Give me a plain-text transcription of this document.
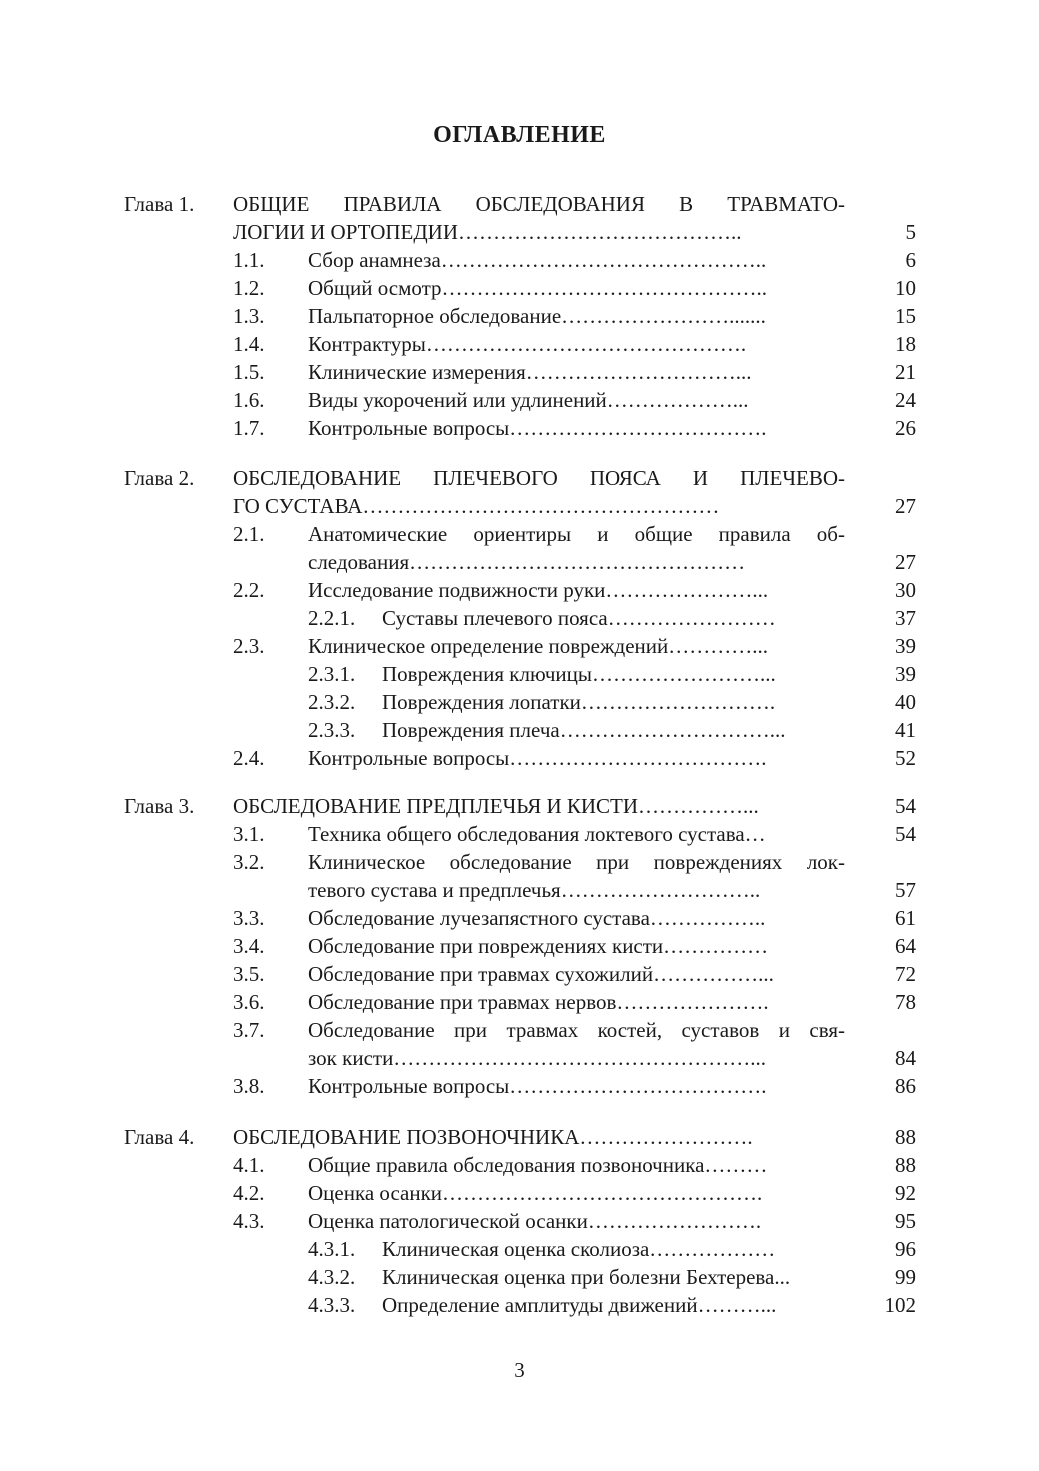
ОГЛАВЛЕНИЕ
Глава 1. ОБЩИЕ ПРАВИЛА ОБСЛЕДОВАНИЯ В ТРАВМАТО-
ЛОГИИ И ОРТОПЕДИИ…………………………………..	5
1.1. Сбор анамнеза………………………………………..	6
1.2. Общий осмотр………………………………………..	10
1.3. Пальпаторное обследование…………………….......	15
1.4. Контрактуры……………………………………….	18
1.5. Клинические измерения…………………………...	21
1.6. Виды укорочений или удлинений………………...	24
1.7. Контрольные вопросы……………………………….	26
Глава 2. ОБСЛЕДОВАНИЕ ПЛЕЧЕВОГО ПОЯСА И ПЛЕЧЕВО-
ГО СУСТАВА……………………………………………	27
2.1. Анатомические ориентиры и общие правила об-
следования…………………………………………	27
2.2. Исследование подвижности руки…………………...	30
2.2.1. Суставы плечевого пояса……………………	37
2.3. Клиническое определение повреждений…………...	39
2.3.1. Повреждения ключицы……………………...	39
2.3.2. Повреждения лопатки……………………….	40
2.3.3. Повреждения плеча…………………………...	41
2.4. Контрольные вопросы……………………………….	52
Глава 3. ОБСЛЕДОВАНИЕ ПРЕДПЛЕЧЬЯ И КИСТИ……………...	54
3.1. Техника общего обследования локтевого сустава…	54
3.2. Клиническое обследование при повреждениях лок-
тевого сустава и предплечья………………………..	57
3.3. Обследование лучезапястного сустава……………..	61
3.4. Обследование при повреждениях кисти……………	64
3.5. Обследование при травмах сухожилий……………...	72
3.6. Обследование при травмах нервов………………….	78
3.7. Обследование при травмах костей, суставов и свя-
зок кисти……………………………………………...	84
3.8. Контрольные вопросы……………………………….	86
Глава 4. ОБСЛЕДОВАНИЕ ПОЗВОНОЧНИКА…………………….	88
4.1. Общие правила обследования позвоночника………	88
4.2. Оценка осанки……………………………………….	92
4.3. Оценка патологической осанки…………………….	95
4.3.1. Клиническая оценка сколиоза………………	96
4.3.2. Клиническая оценка при болезни Бехтерева...	99
4.3.3. Определение амплитуды движений………...	102
3
